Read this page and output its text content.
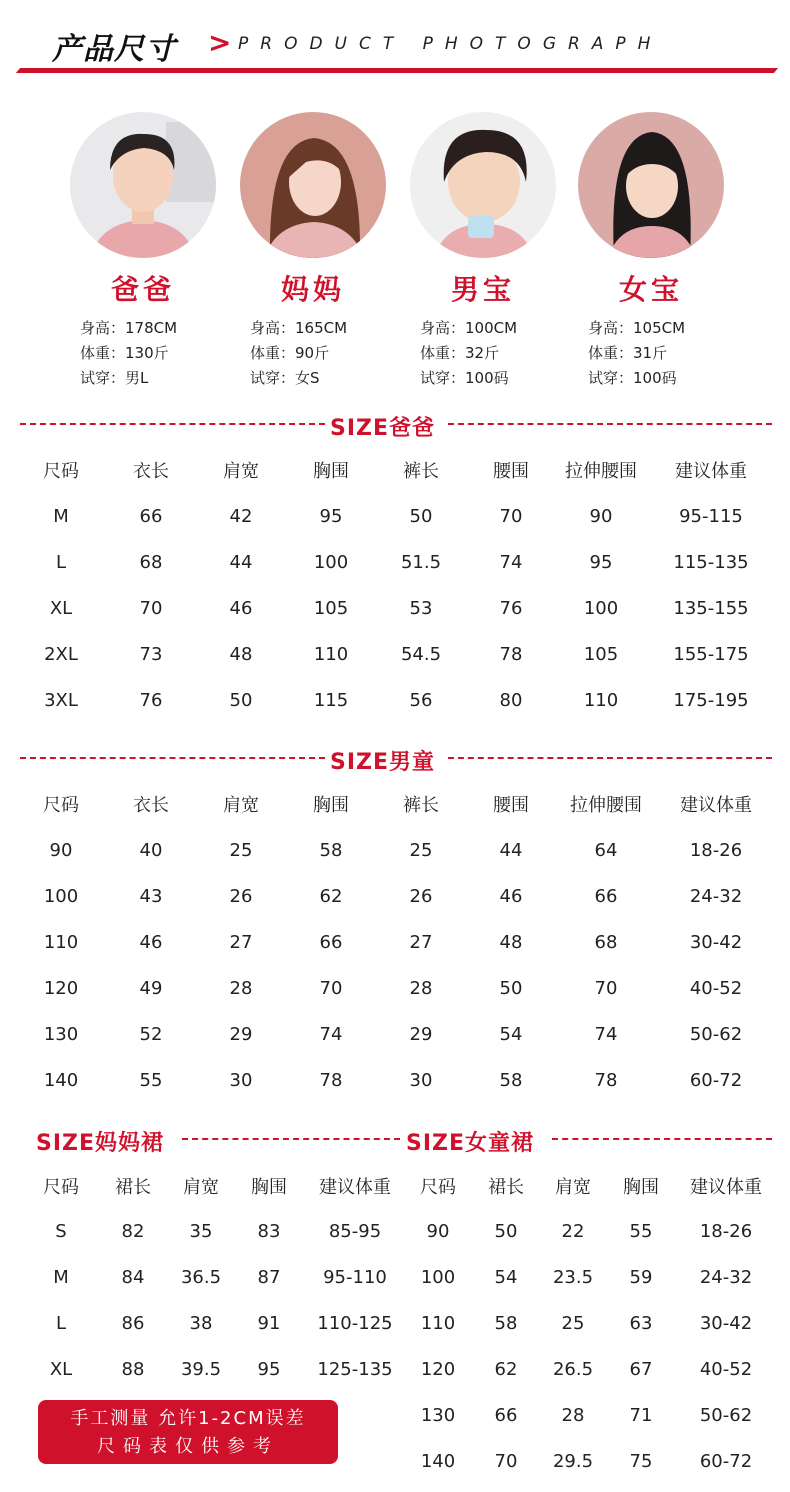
产品尺寸 > PRODUCT PHOTOGRAPH
爸爸
身高：178CM
体重：130斤
试穿：男L
妈妈
身高：165CM
体重：90斤
试穿：女S
男宝
身高：100CM
体重：32斤
试穿：100码
女宝
身高：105CM
体重：31斤
试穿：100码
SIZE爸爸
尺码	衣长	肩宽	胸围	裤长	腰围	拉伸腰围	建议体重
M	66	42	95	50	70	90	95-115
L	68	44	100	51.5	74	95	115-135
XL	70	46	105	53	76	100	135-155
2XL	73	48	110	54.5	78	105	155-175
3XL	76	50	115	56	80	110	175-195
SIZE男童
尺码	衣长	肩宽	胸围	裤长	腰围	拉伸腰围	建议体重
90	40	25	58	25	44	64	18-26
100	43	26	62	26	46	66	24-32
110	46	27	66	27	48	68	30-42
120	49	28	70	28	50	70	40-52
130	52	29	74	29	54	74	50-62
140	55	30	78	30	58	78	60-72
SIZE妈妈裙	SIZE女童裙
尺码	裙长	肩宽	胸围	建议体重
S	82	35	83	85-95
M	84	36.5	87	95-110
L	86	38	91	110-125
XL	88	39.5	95	125-135
尺码	裙长	肩宽	胸围	建议体重
90	50	22	55	18-26
100	54	23.5	59	24-32
110	58	25	63	30-42
120	62	26.5	67	40-52
130	66	28	71	50-62
140	70	29.5	75	60-72
手工测量 允许1-2CM误差
尺码表仅供参考
